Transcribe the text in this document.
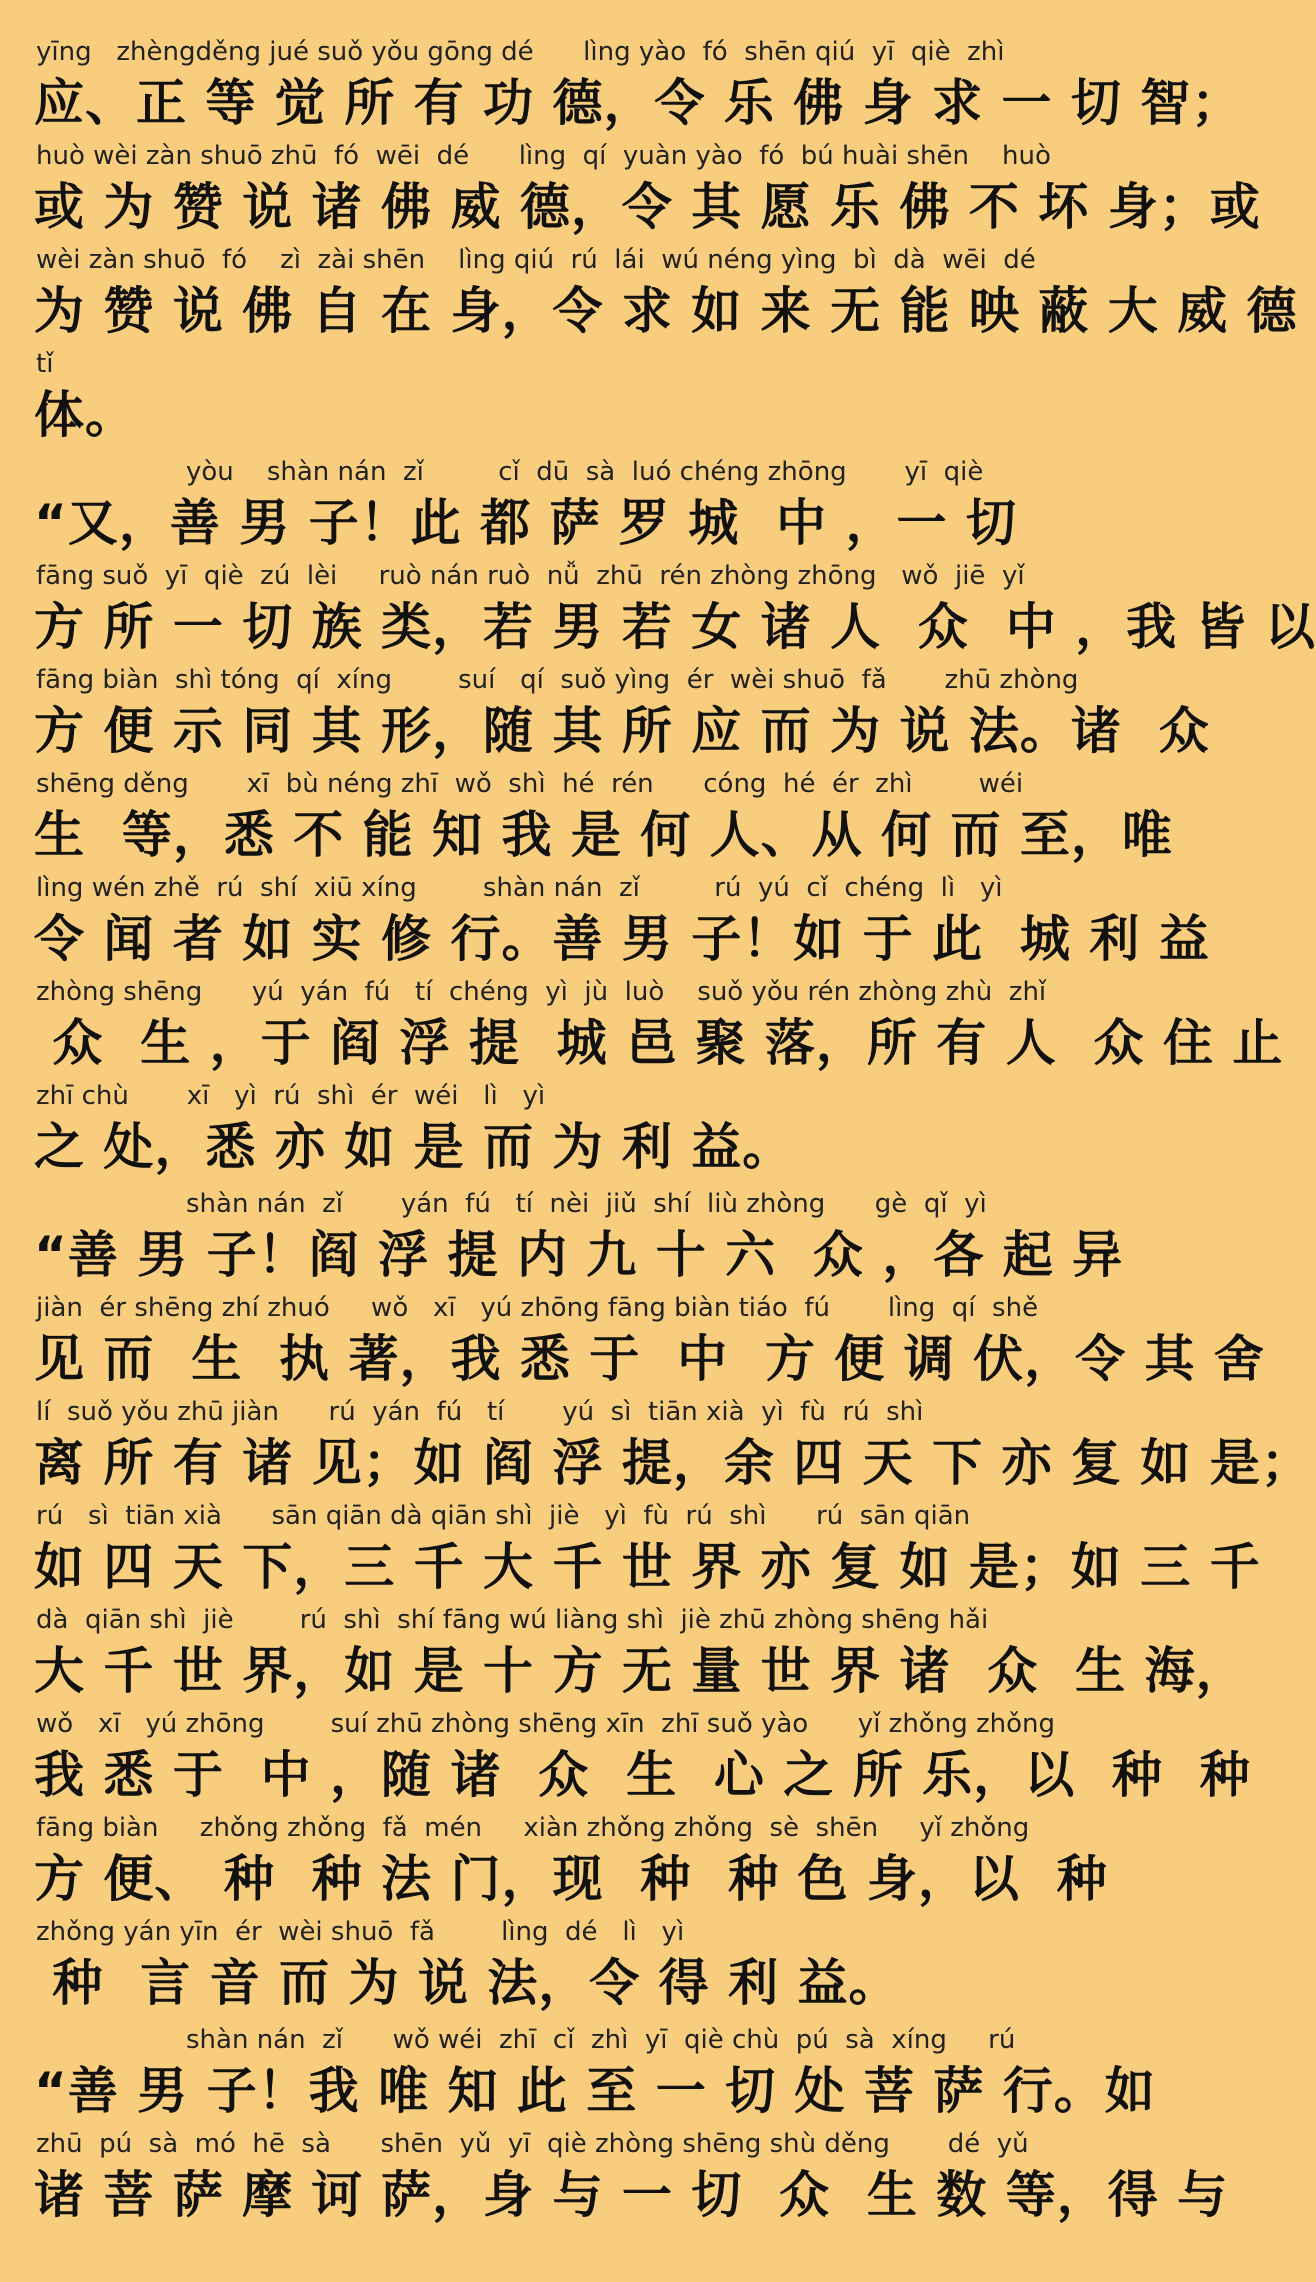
yīng   zhèngděng jué suǒ yǒu gōng dé      lìng yào  fó  shēn qiú  yī  qiè  zhì
应、正 等 觉 所 有 功 德，令 乐 佛 身 求 一 切 智；
huò wèi zàn shuō zhū  fó  wēi  dé      lìng  qí  yuàn yào  fó  bú huài shēn    huò
或 为 赞 说 诸 佛 威 德，令 其 愿 乐 佛 不 坏 身；或
wèi zàn shuō  fó    zì  zài shēn    lìng qiú  rú  lái  wú néng yìng  bì  dà  wēi  dé
为 赞 说 佛 自 在 身，令 求 如 来 无 能 映 蔽 大 威 德
tǐ
体。
yòu    shàn nán  zǐ         cǐ  dū  sà  luó chéng zhōng       yī  qiè
“又，善 男 子！此 都 萨 罗 城  中 ，一 切
fāng suǒ  yī  qiè  zú  lèi     ruò nán ruò  nǚ  zhū  rén zhòng zhōng   wǒ  jiē  yǐ
方 所 一 切 族 类，若 男 若 女 诸 人  众  中 ，我 皆 以
fāng biàn  shì tóng  qí  xíng        suí   qí  suǒ yìng  ér  wèi shuō  fǎ       zhū zhòng
方 便 示 同 其 形，随 其 所 应 而 为 说 法。诸  众
shēng děng       xī  bù néng zhī  wǒ  shì  hé  rén      cóng  hé  ér  zhì        wéi
生  等，悉 不 能 知 我 是 何 人、从 何 而 至，唯
lìng wén zhě  rú  shí  xiū xíng        shàn nán  zǐ         rú  yú  cǐ  chéng  lì   yì
令 闻 者 如 实 修 行。善 男 子！如 于 此  城 利 益
zhòng shēng      yú  yán  fú   tí  chéng  yì  jù  luò    suǒ yǒu rén zhòng zhù  zhǐ
众  生 ，于 阎 浮 提  城 邑 聚 落，所 有 人  众 住 止
zhī chù       xī   yì  rú  shì  ér  wéi   lì   yì
之 处，悉 亦 如 是 而 为 利 益。
shàn nán  zǐ       yán  fú   tí  nèi  jiǔ  shí  liù zhòng      gè  qǐ  yì
“善 男 子！阎 浮 提 内 九 十 六  众 ，各 起 异
jiàn  ér shēng zhí zhuó     wǒ   xī   yú zhōng fāng biàn tiáo  fú       lìng  qí  shě
见 而  生  执 著，我 悉 于  中  方 便 调 伏，令 其 舍
lí  suǒ yǒu zhū jiàn      rú  yán  fú   tí       yú  sì  tiān xià  yì  fù  rú  shì
离 所 有 诸 见；如 阎 浮 提，余 四 天 下 亦 复 如 是；
rú   sì  tiān xià      sān qiān dà qiān shì  jiè   yì  fù  rú  shì      rú  sān qiān
如 四 天 下，三 千 大 千 世 界 亦 复 如 是；如 三 千
dà  qiān shì  jiè        rú  shì  shí fāng wú liàng shì  jiè zhū zhòng shēng hǎi
大 千 世 界，如 是 十 方 无 量 世 界 诸  众  生 海，
wǒ   xī   yú zhōng        suí zhū zhòng shēng xīn  zhī suǒ yào      yǐ zhǒng zhǒng
我 悉 于  中 ，随 诸  众  生  心 之 所 乐，以  种  种
fāng biàn     zhǒng zhǒng  fǎ  mén     xiàn zhǒng zhǒng  sè  shēn     yǐ zhǒng
方 便、 种  种 法 门，现  种  种 色 身，以  种
zhǒng yán yīn  ér  wèi shuō  fǎ        lìng  dé   lì   yì
种  言 音 而 为 说 法，令 得 利 益。
shàn nán  zǐ      wǒ wéi  zhī  cǐ  zhì  yī  qiè chù  pú  sà  xíng     rú
“善 男 子！我 唯 知 此 至 一 切 处 菩 萨 行。如
zhū  pú  sà  mó  hē  sà      shēn  yǔ  yī  qiè zhòng shēng shù děng       dé  yǔ
诸 菩 萨 摩 诃 萨，身 与 一 切  众  生 数 等，得 与
